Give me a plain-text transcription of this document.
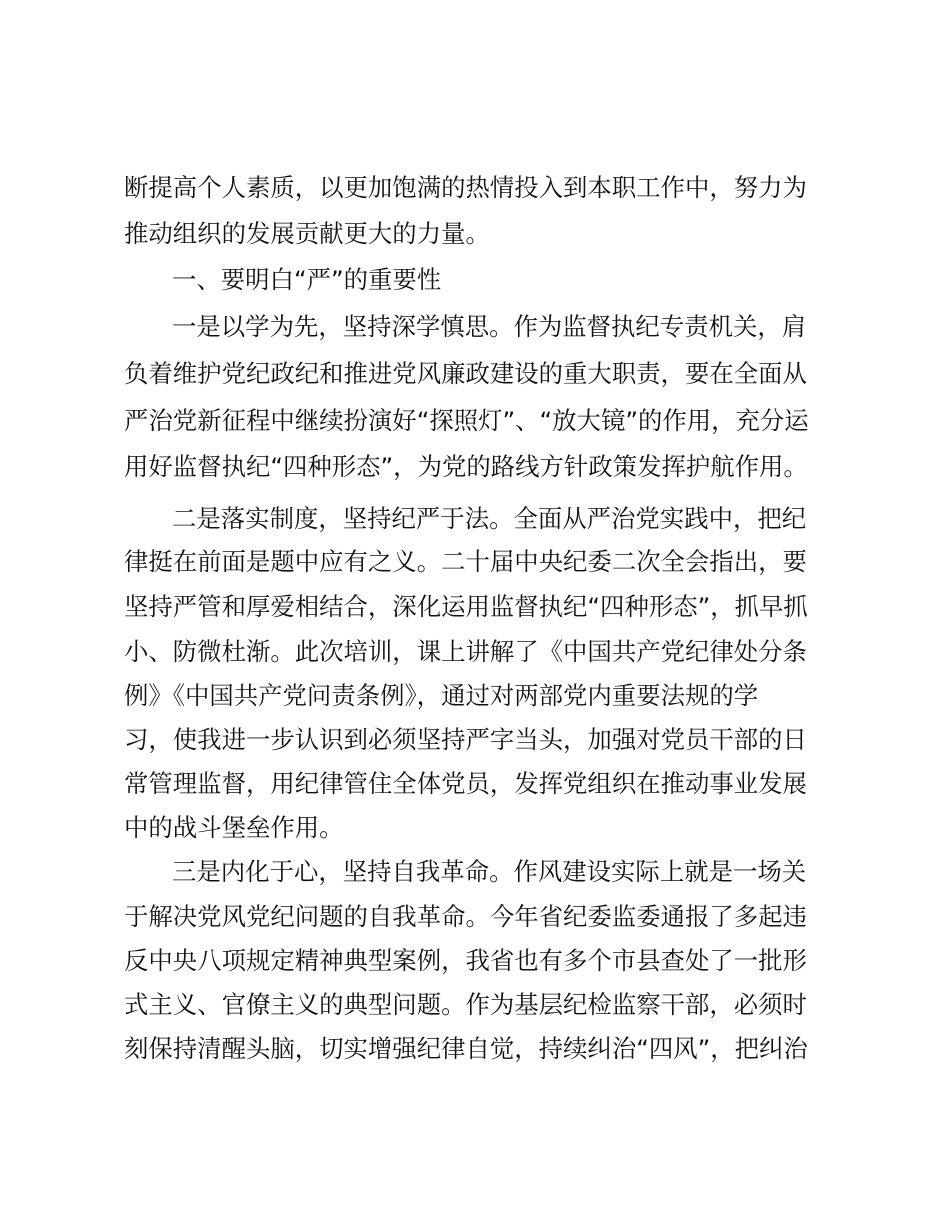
断提高个人素质，以更加饱满的热情投入到本职工作中，努力为
推动组织的发展贡献更大的力量。
一、要明白“严”的重要性
一是以学为先，坚持深学慎思。作为监督执纪专责机关，肩
负着维护党纪政纪和推进党风廉政建设的重大职责，要在全面从
严治党新征程中继续扮演好“探照灯”、“放大镜”的作用，充分运
用好监督执纪“四种形态”，为党的路线方针政策发挥护航作用。
二是落实制度，坚持纪严于法。全面从严治党实践中，把纪
律挺在前面是题中应有之义。二十届中央纪委二次全会指出，要
坚持严管和厚爱相结合，深化运用监督执纪“四种形态”，抓早抓
小、防微杜渐。此次培训，课上讲解了《中国共产党纪律处分条
例》《中国共产党问责条例》，通过对两部党内重要法规的学
习，使我进一步认识到必须坚持严字当头，加强对党员干部的日
常管理监督，用纪律管住全体党员，发挥党组织在推动事业发展
中的战斗堡垒作用。
三是内化于心，坚持自我革命。作风建设实际上就是一场关
于解决党风党纪问题的自我革命。今年省纪委监委通报了多起违
反中央八项规定精神典型案例，我省也有多个市县查处了一批形
式主义、官僚主义的典型问题。作为基层纪检监察干部，必须时
刻保持清醒头脑，切实增强纪律自觉，持续纠治“四风”，把纠治
